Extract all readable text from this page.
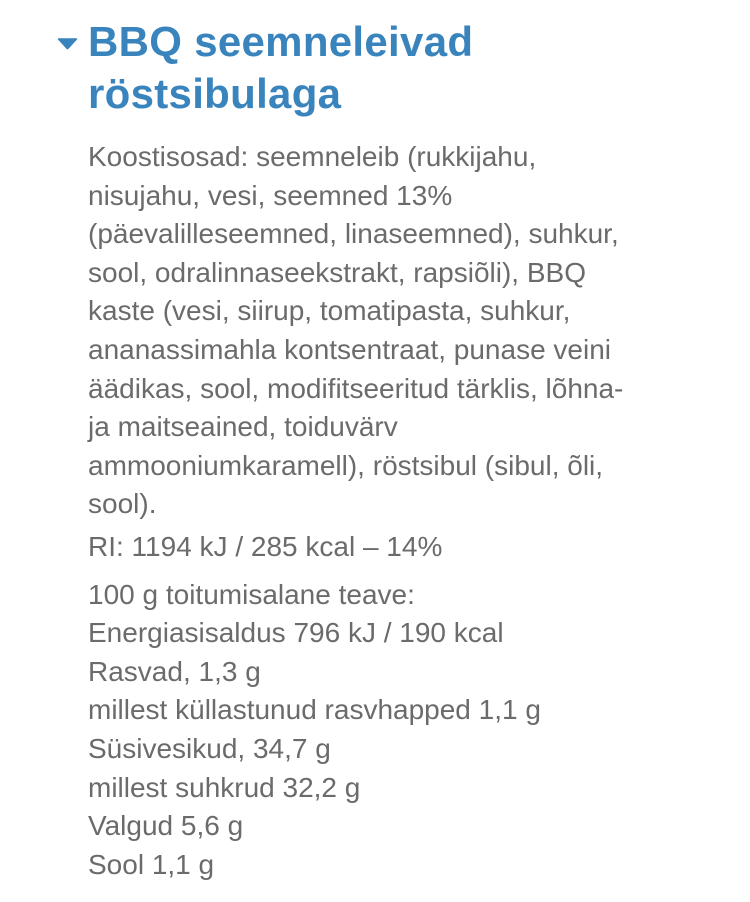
BBQ seemneleivad
röstsibulaga
Koostisosad: seemneleib (rukkijahu,
nisujahu, vesi, seemned 13%
(päevalilleseemned, linaseemned), suhkur,
sool, odralinnaseekstrakt, rapsiõli), BBQ
kaste (vesi, siirup, tomatipasta, suhkur,
ananassimahla kontsentraat, punase veini
äädikas, sool, modifitseeritud tärklis, lõhna-
ja maitseained, toiduvärv
ammooniumkaramell), röstsibul (sibul, õli,
sool).
RI: 1194 kJ / 285 kcal – 14%
100 g toitumisalane teave:
Energiasisaldus 796 kJ / 190 kcal
Rasvad, 1,3 g
millest küllastunud rasvhapped 1,1 g
Süsivesikud, 34,7 g
millest suhkrud 32,2 g
Valgud 5,6 g
Sool 1,1 g
